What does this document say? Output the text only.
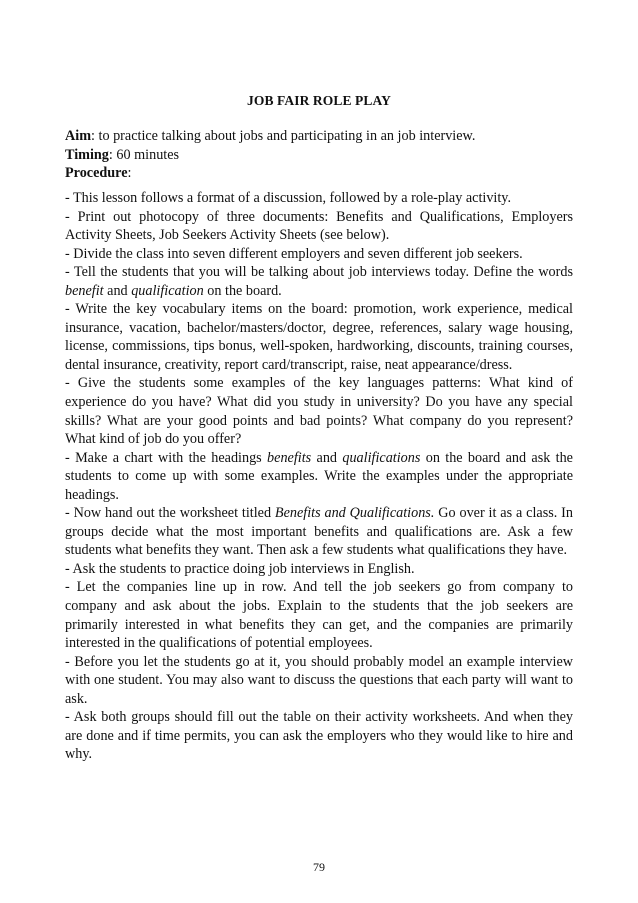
JOB FAIR ROLE PLAY

Aim: to practice talking about jobs and participating in an job interview.

Timing: 60 minutes

Procedure:

- This lesson follows a format of a discussion, followed by a role-play activity.

- Print out photocopy of three documents: Benefits and Qualifications, Employers Activity Sheets, Job Seekers Activity Sheets (see below).

- Divide the class into seven different employers and seven different job seekers.

- Tell the students that you will be talking about job interviews today. Define the words benefit and qualification on the board.

- Write the key vocabulary items on the board: promotion, work experience, medical insurance, vacation, bachelor/masters/doctor, degree, references, salary wage housing, license, commissions, tips bonus, well-spoken, hardworking, discounts, training courses, dental insurance, creativity, report card/transcript, raise, neat appearance/dress.

- Give the students some examples of the key languages patterns: What kind of experience do you have? What did you study in university? Do you have any special skills? What are your good points and bad points? What company do you represent? What kind of job do you offer?

- Make a chart with the headings benefits and qualifications on the board and ask the students to come up with some examples. Write the examples under the appropriate headings.

- Now hand out the worksheet titled Benefits and Qualifications. Go over it as a class. In groups decide what the most important benefits and qualifications are. Ask a few students what benefits they want. Then ask a few students what qualifications they have.

- Ask the students to practice doing job interviews in English.

- Let the companies line up in row. And tell the job seekers go from company to company and ask about the jobs. Explain to the students that the job seekers are primarily interested in what benefits they can get, and the companies are primarily interested in the qualifications of potential employees.

- Before you let the students go at it, you should probably model an example interview with one student. You may also want to discuss the questions that each party will want to ask.

- Ask both groups should fill out the table on their activity worksheets. And when they are done and if time permits, you can ask the employers who they would like to hire and why.

79
